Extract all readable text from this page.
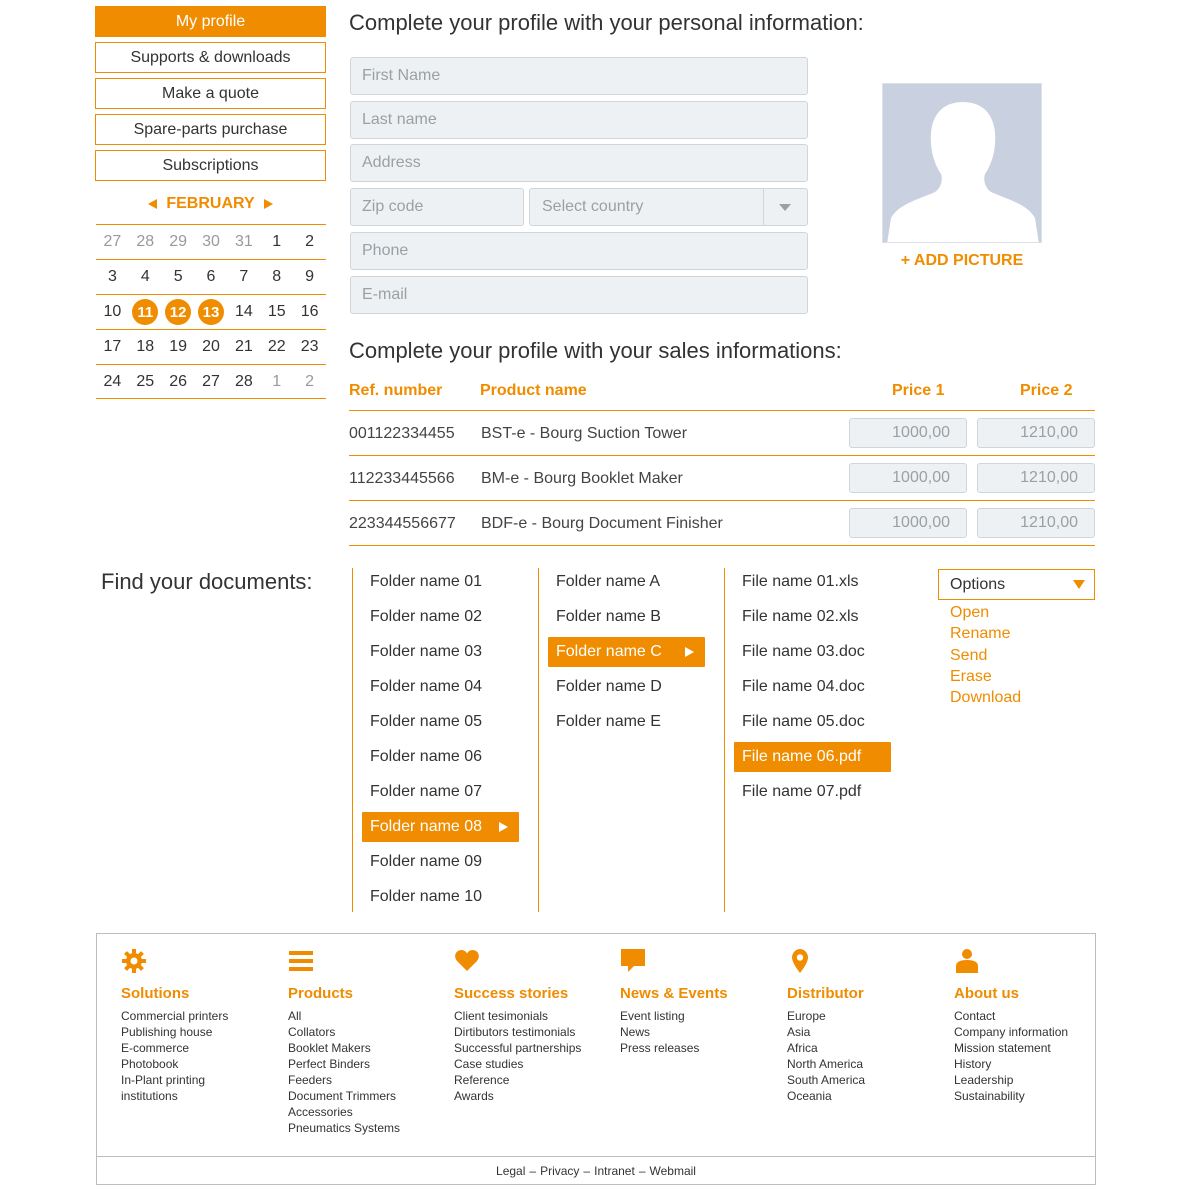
My profile
Supports & downloads
Make a quote
Spare-parts purchase
Subscriptions
FEBRUARY
27 28 29 30 31 1 2
3 4 5 6 7 8 9
10	11	12	13 14 15 16
17 18 19 20 21 22 23
24 25 26 27 28 1 2
Complete your profile with your personal information:
First Name
Last name
Address
Zip code
Select country
Phone
E-mail
+ ADD PICTURE
Complete your profile with your sales informations:
Ref. number Product name	Price 1	Price 2
001122334455 BST-e - Bourg Suction Tower	1000,00	1210,00
112233445566 BM-e - Bourg Booklet Maker	1000,00	1210,00
223344556677 BDF-e - Bourg Document Finisher	1000,00	1210,00
Find your documents:	Folder name 01
Folder name 02
Folder name 03
Folder name 04
Folder name 05
Folder name 06
Folder name 07
Folder name 08
Folder name 09
Folder name 10
Folder name A
Folder name B
Folder name C
Folder name D
Folder name E
File name 01.xls
File name 02.xls
File name 03.doc
File name 04.doc
File name 05.doc
File name 06.pdf
File name 07.pdf
Options
Open
Rename
Send
Erase
Download
Legal – Privacy – Intranet – Webmail
Solutions
Commercial printers
Publishing house
E-commerce
Photobook
In-Plant printing
institutions
Products
All
Collators
Booklet Makers
Perfect Binders
Feeders
Document Trimmers
Accessories
Pneumatics Systems
Success stories
Client tesimonials
Dirtibutors testimonials
Successful partnerships
Case studies
Reference
Awards
News & Events
Event listing
News
Press releases
Distributor
Europe
Asia
Africa
North America
South America
Oceania
About us
Contact
Company information
Mission statement
History
Leadership
Sustainability
